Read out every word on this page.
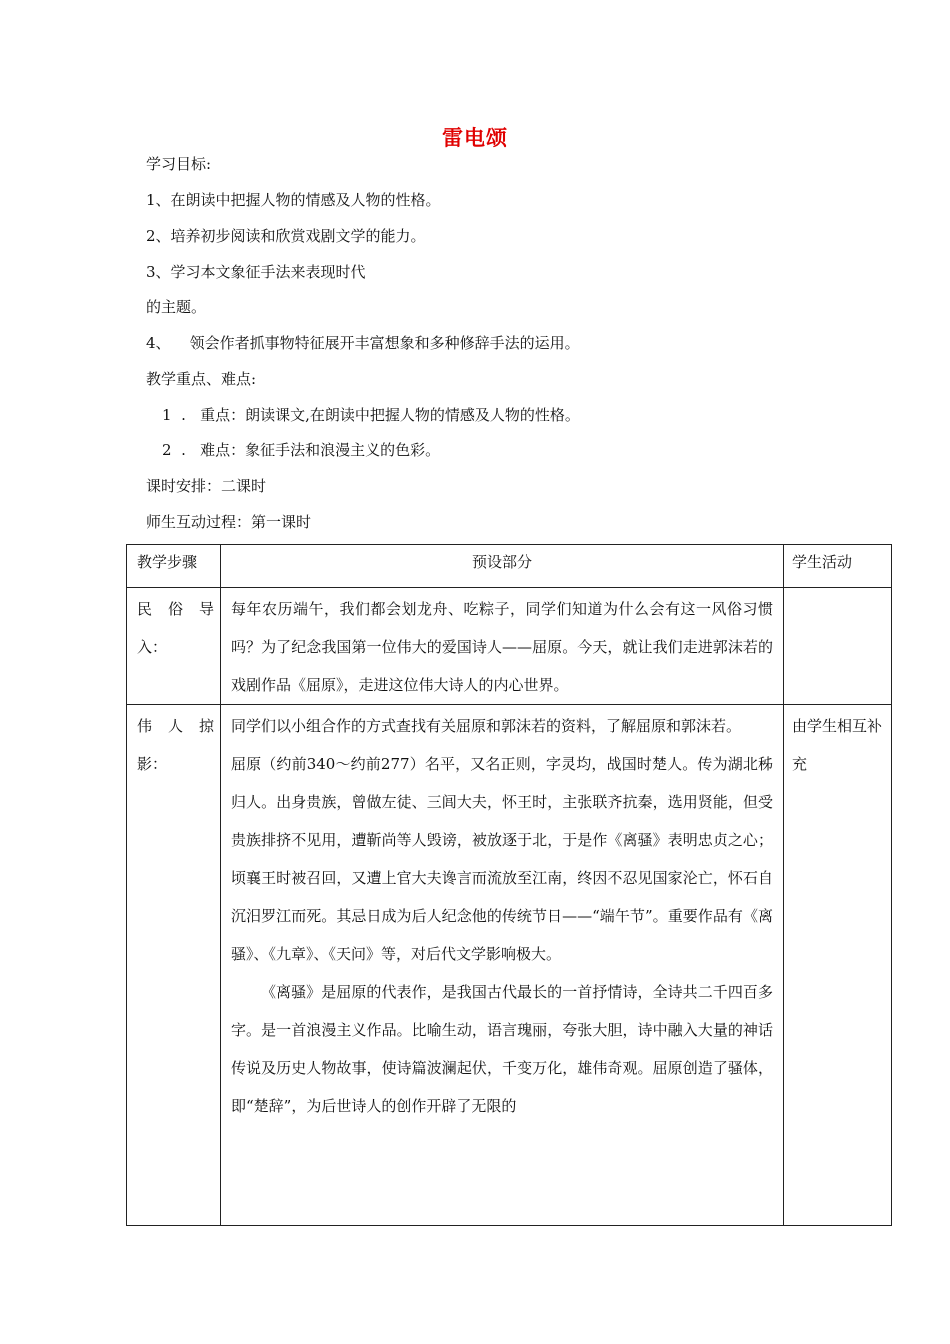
雷电颂
学习目标:
1、在朗读中把握人物的情感及人物的性格。
2、培养初步阅读和欣赏戏剧文学的能力。
3、学习本文象征手法来表现时代
的主题。
4、    领会作者抓事物特征展开丰富想象和多种修辞手法的运用。
教学重点、难点:
1  .   重点：朗读课文,在朗读中把握人物的情感及人物的性格。
2  .   难点：象征手法和浪漫主义的色彩。
课时安排：二课时
师生互动过程：第一课时
教学步骤	预设部分	学生活动
民 俗 导 入：	每年农历端午，我们都会划龙舟、吃粽子，同学们知道为什么会有这一风俗习惯吗？为了纪念我国第一位伟大的爱国诗人——屈原。今天，就让我们走进郭沫若的戏剧作品《屈原》，走进这位伟大诗人的内心世界。	

伟 人 掠 影：	同学们以小组合作的方式查找有关屈原和郭沫若的资料，了解屈原和郭沫若。

屈原（约前340～约前277）名平，又名正则，字灵均，战国时楚人。传为湖北秭归人。出身贵族，曾做左徒、三闾大夫，怀王时，主张联齐抗秦，选用贤能，但受贵族排挤不见用，遭靳尚等人毁谤，被放逐于北，于是作《离骚》表明忠贞之心；顷襄王时被召回，又遭上官大夫谗言而流放至江南，终因不忍见国家沦亡，怀石自沉汨罗江而死。其忌日成为后人纪念他的传统节日——“端午节”。重要作品有《离骚》、《九章》、《天问》等，对后代文学影响极大。

《离骚》是屈原的代表作，是我国古代最长的一首抒情诗，全诗共二千四百多字。是一首浪漫主义作品。比喻生动，语言瑰丽，夸张大胆，诗中融入大量的神话传说及历史人物故事，使诗篇波澜起伏，千变万化，雄伟奇观。屈原创造了骚体，即“楚辞”，为后世诗人的创作开辟了无限的	由学生相互补充
